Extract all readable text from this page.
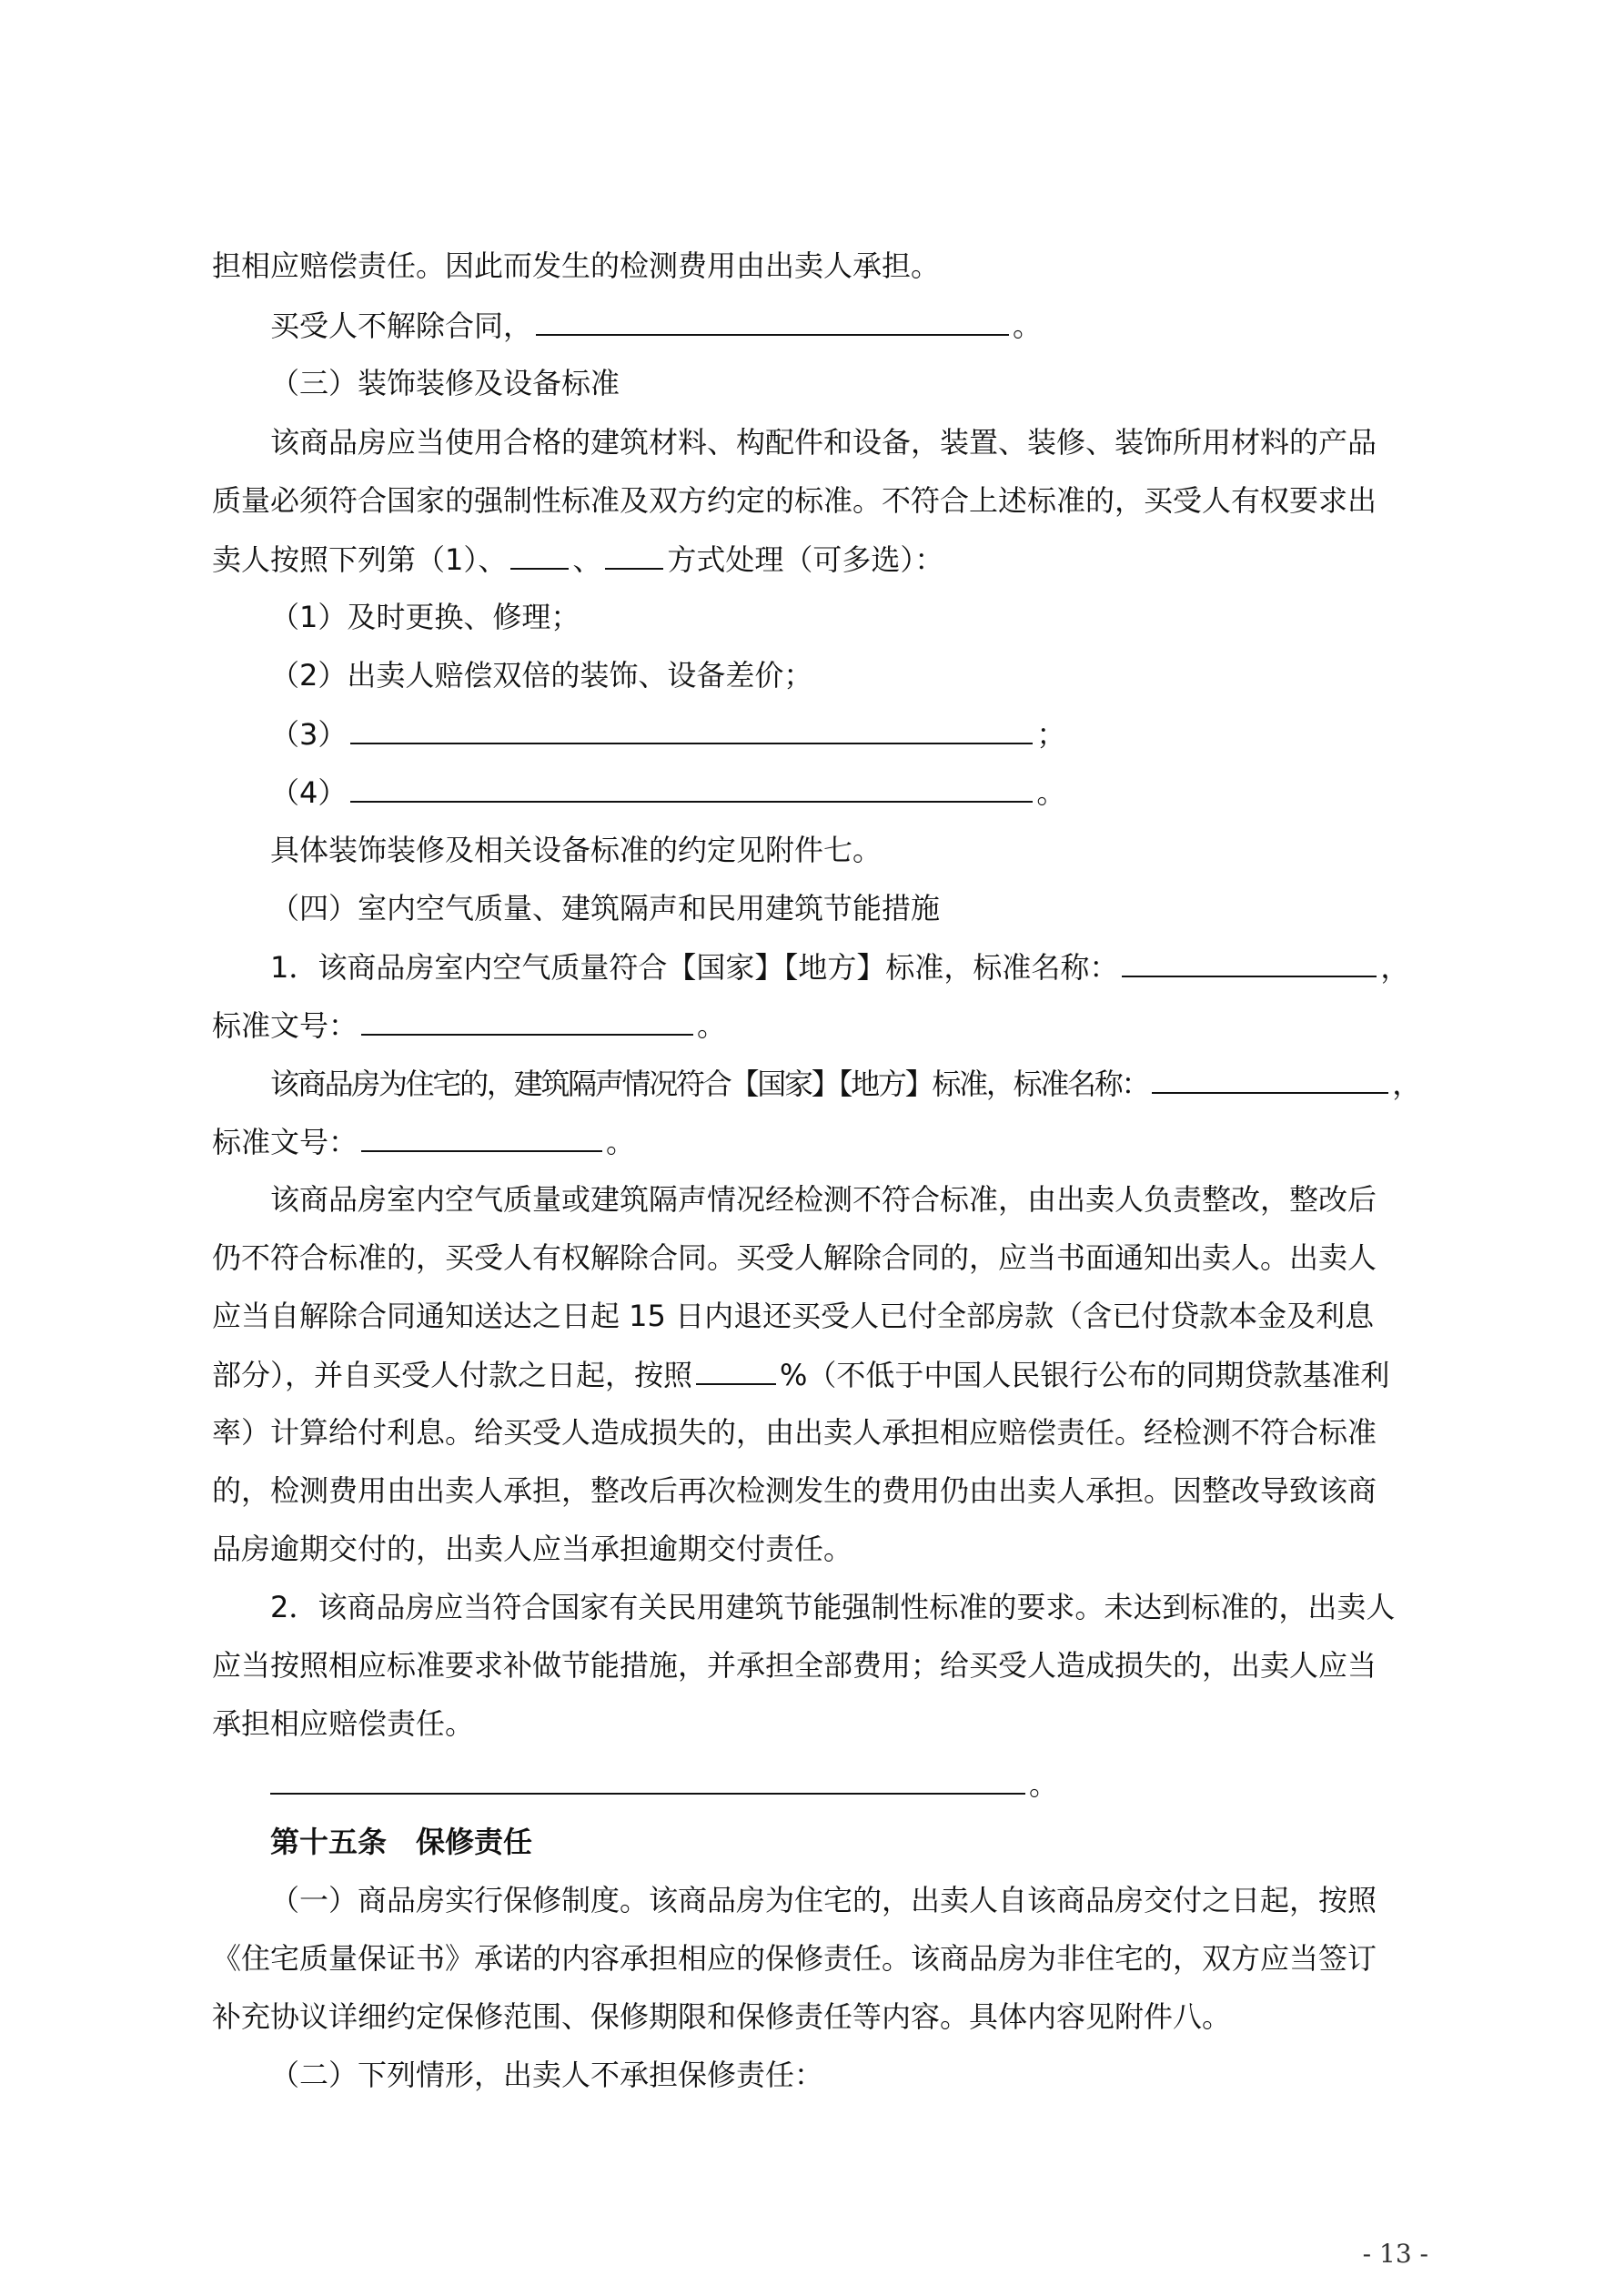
担相应赔偿责任。因此而发生的检测费用由出卖人承担。
买受人不解除合同，	。
（三）装饰装修及设备标准
该商品房应当使用合格的建筑材料、构配件和设备，装置、装修、装饰所用材料的产品
质量必须符合国家的强制性标准及双方约定的标准。不符合上述标准的，买受人有权要求出
卖人按照下列第（1）、 、 方式处理（可多选）：
（1）及时更换、修理；
（2）出卖人赔偿双倍的装饰、设备差价；
（3）	；
（4）	。
具体装饰装修及相关设备标准的约定见附件七。
（四）室内空气质量、建筑隔声和民用建筑节能措施
1．该商品房室内空气质量符合【国家】【地方】标准，标准名称：	，
标准文号：	。
该商品房为住宅的，建筑隔声情况符合【国家】【地方】标准，标准名称：	，
标准文号：	。
该商品房室内空气质量或建筑隔声情况经检测不符合标准，由出卖人负责整改，整改后
仍不符合标准的，买受人有权解除合同。买受人解除合同的，应当书面通知出卖人。出卖人
应当自解除合同通知送达之日起 15 日内退还买受人已付全部房款（含已付贷款本金及利息
部分），并自买受人付款之日起，按照	%（不低于中国人民银行公布的同期贷款基准利
率）计算给付利息。给买受人造成损失的，由出卖人承担相应赔偿责任。经检测不符合标准
的，检测费用由出卖人承担，整改后再次检测发生的费用仍由出卖人承担。因整改导致该商
品房逾期交付的，出卖人应当承担逾期交付责任。
2．该商品房应当符合国家有关民用建筑节能强制性标准的要求。未达到标准的，出卖人
应当按照相应标准要求补做节能措施，并承担全部费用；给买受人造成损失的，出卖人应当
承担相应赔偿责任。
。
第十五条　保修责任
（一）商品房实行保修制度。该商品房为住宅的，出卖人自该商品房交付之日起，按照
《住宅质量保证书》承诺的内容承担相应的保修责任。该商品房为非住宅的，双方应当签订
补充协议详细约定保修范围、保修期限和保修责任等内容。具体内容见附件八。
（二）下列情形，出卖人不承担保修责任：
- 13 -
